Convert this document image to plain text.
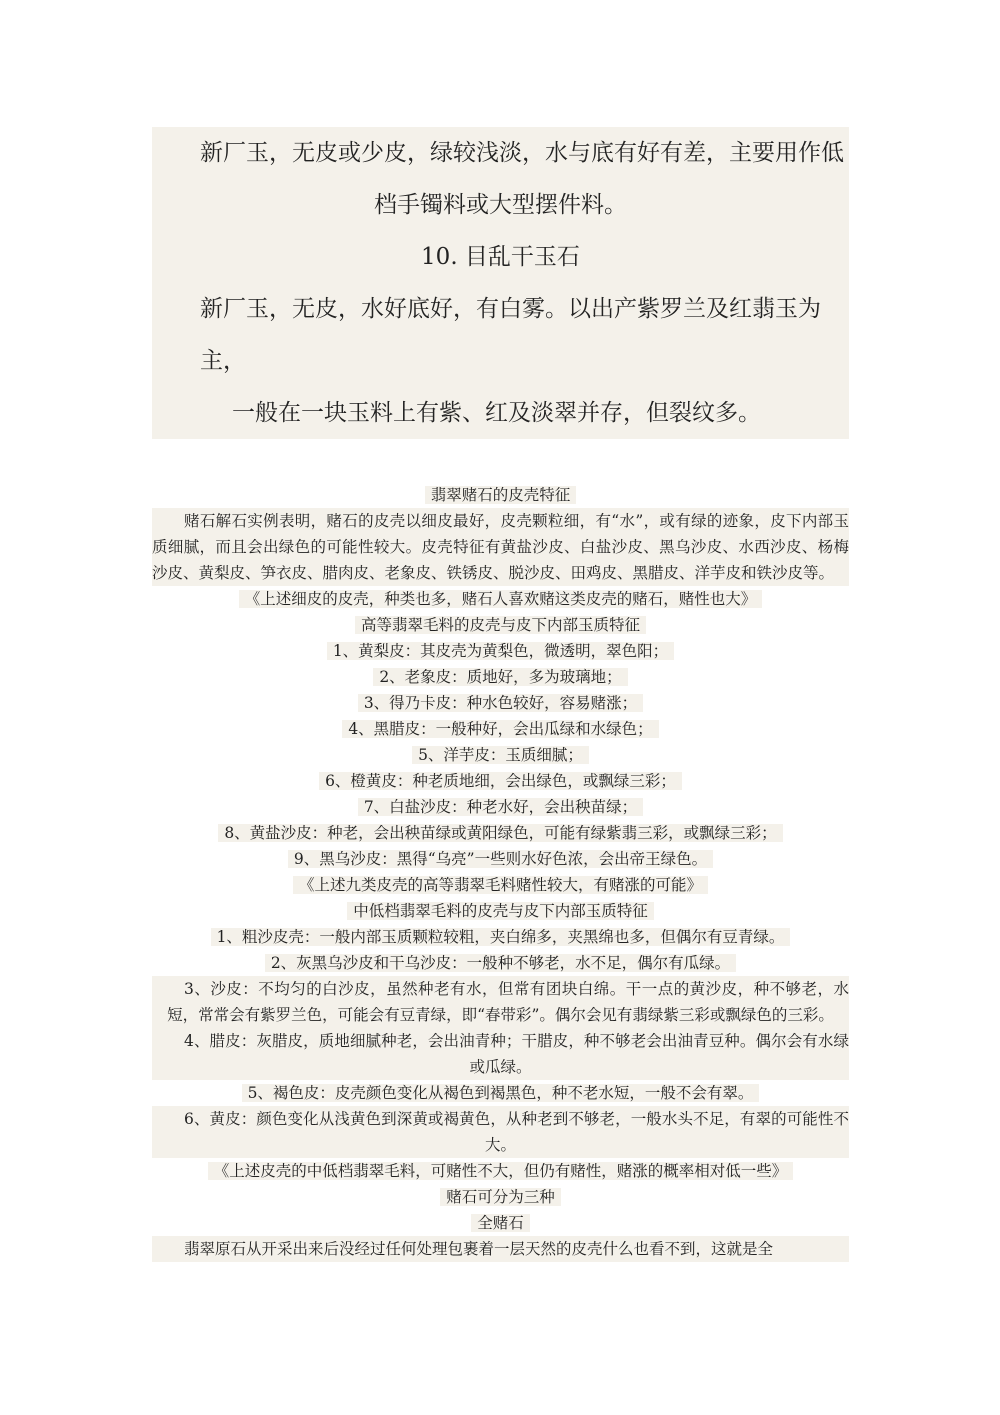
新厂玉，无皮或少皮，绿较浅淡，水与底有好有差，主要用作低
档手镯料或大型摆件料。
10. 目乱干玉石
新厂玉，无皮，水好底好，有白雾。以出产紫罗兰及红翡玉为主，
一般在一块玉料上有紫、红及淡翠并存，但裂纹多。
翡翠赌石的皮壳特征
赌石解石实例表明，赌石的皮壳以细皮最好，皮壳颗粒细，有“水”，或有绿的迹象，皮下内部玉质细腻，而且会出绿色的可能性较大。皮壳特征有黄盐沙皮、白盐沙皮、黑乌沙皮、水西沙皮、杨梅沙皮、黄梨皮、笋衣皮、腊肉皮、老象皮、铁锈皮、脱沙皮、田鸡皮、黑腊皮、洋芋皮和铁沙皮等。
《上述细皮的皮壳，种类也多，赌石人喜欢赌这类皮壳的赌石，赌性也大》
高等翡翠毛料的皮壳与皮下内部玉质特征
1、黄梨皮：其皮壳为黄梨色，微透明，翠色阳；
2、老象皮：质地好，多为玻璃地；
3、得乃卡皮：种水色较好，容易赌涨；
4、黑腊皮：一般种好，会出瓜绿和水绿色；
5、洋芋皮：玉质细腻；
6、橙黄皮：种老质地细，会出绿色，或飘绿三彩；
7、白盐沙皮：种老水好，会出秧苗绿；
8、黄盐沙皮：种老，会出秧苗绿或黄阳绿色，可能有绿紫翡三彩，或飘绿三彩；
9、黑乌沙皮：黑得“乌亮”一些则水好色浓，会出帝王绿色。
《上述九类皮壳的高等翡翠毛料赌性较大，有赌涨的可能》
中低档翡翠毛料的皮壳与皮下内部玉质特征
1、粗沙皮壳：一般内部玉质颗粒较粗，夹白绵多，夹黑绵也多，但偶尔有豆青绿。
2、灰黑乌沙皮和干乌沙皮：一般种不够老，水不足，偶尔有瓜绿。
3、沙皮：不均匀的白沙皮，虽然种老有水，但常有团块白绵。干一点的黄沙皮，种不够老，水短，常常会有紫罗兰色，可能会有豆青绿，即“春带彩”。偶尔会见有翡绿紫三彩或飘绿色的三彩。
4、腊皮：灰腊皮，质地细腻种老，会出油青种；干腊皮，种不够老会出油青豆种。偶尔会有水绿或瓜绿。
5、褐色皮：皮壳颜色变化从褐色到褐黑色，种不老水短，一般不会有翠。
6、黄皮：颜色变化从浅黄色到深黄或褐黄色，从种老到不够老，一般水头不足，有翠的可能性不大。
《上述皮壳的中低档翡翠毛料，可赌性不大，但仍有赌性，赌涨的概率相对低一些》
赌石可分为三种
全赌石
翡翠原石从开采出来后没经过任何处理包裹着一层天然的皮壳什么也看不到，这就是全
